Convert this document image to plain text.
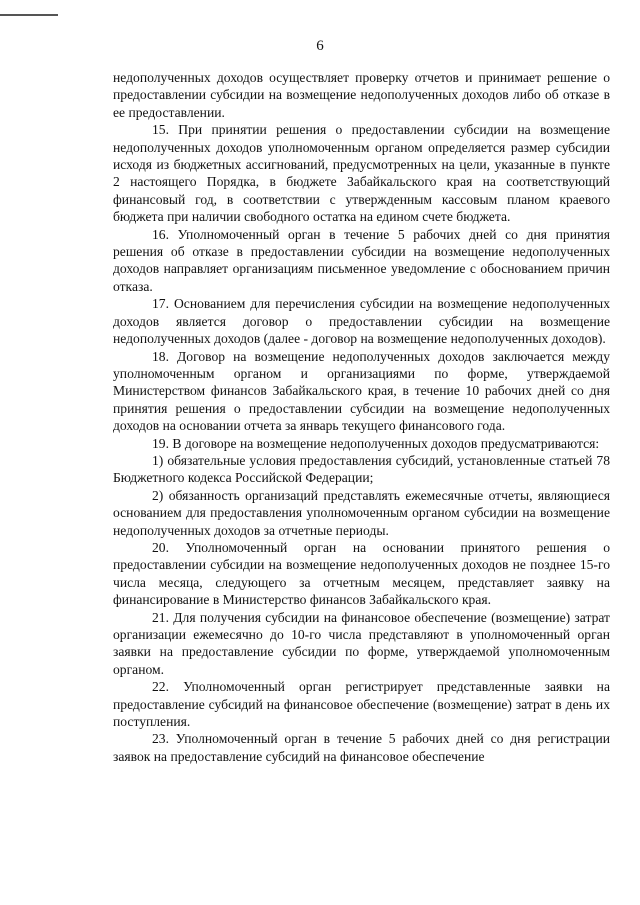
6

недополученных доходов осуществляет проверку отчетов и принимает решение о предоставлении субсидии на возмещение недополученных доходов либо об отказе в ее предоставлении.

15. При принятии решения о предоставлении субсидии на возмещение недополученных доходов уполномоченным органом определяется размер субсидии исходя из бюджетных ассигнований, предусмотренных на цели, указанные в пункте 2 настоящего Порядка, в бюджете Забайкальского края на соответствующий финансовый год, в соответствии с утвержденным кассовым планом краевого бюджета при наличии свободного остатка на едином счете бюджета.

16. Уполномоченный орган в течение 5 рабочих дней со дня принятия решения об отказе в предоставлении субсидии на возмещение недополученных доходов направляет организациям письменное уведомление с обоснованием причин отказа.

17. Основанием для перечисления субсидии на возмещение недополученных доходов является договор о предоставлении субсидии на возмещение недополученных доходов (далее - договор на возмещение недополученных доходов).

18. Договор на возмещение недополученных доходов заключается между уполномоченным органом и организациями по форме, утверждаемой Министерством финансов Забайкальского края, в течение 10 рабочих дней со дня принятия решения о предоставлении субсидии на возмещение недополученных доходов на основании отчета за январь текущего финансового года.

19. В договоре на возмещение недополученных доходов предусматриваются:

1) обязательные условия предоставления субсидий, установленные статьей 78 Бюджетного кодекса Российской Федерации;

2) обязанность организаций представлять ежемесячные отчеты, являющиеся основанием для предоставления уполномоченным органом субсидии на возмещение недополученных доходов за отчетные периоды.

20. Уполномоченный орган на основании принятого решения о предоставлении субсидии на возмещение недополученных доходов не позднее 15-го числа месяца, следующего за отчетным месяцем, представляет заявку на финансирование в Министерство финансов Забайкальского края.

21. Для получения субсидии на финансовое обеспечение (возмещение) затрат организации ежемесячно до 10-го числа представляют в уполномоченный орган заявки на предоставление субсидии по форме, утверждаемой уполномоченным органом.

22. Уполномоченный орган регистрирует представленные заявки на предоставление субсидий на финансовое обеспечение (возмещение) затрат в день их поступления.

23. Уполномоченный орган в течение 5 рабочих дней со дня регистрации заявок на предоставление субсидий на финансовое обеспечение
